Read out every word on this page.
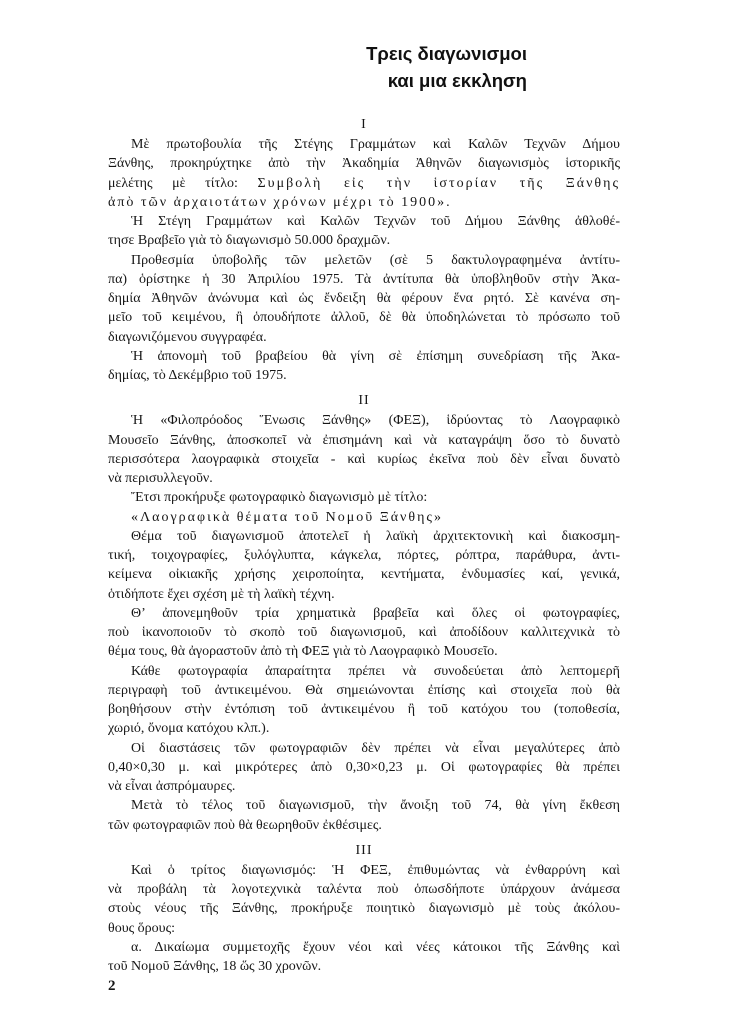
Τρεις διαγωνισμοι
και μια εκκληση
I
Μὲ πρωτοβουλία τῆς Στέγης Γραμμάτων καὶ Καλῶν Τεχνῶν Δήμου
Ξάνθης, προκηρύχτηκε ἀπὸ τὴν Ἀκαδημία Ἀθηνῶν διαγωνισμὸς ἱστορικῆς
μελέτης μὲ τίτλο: Συμβολὴ εἰς τὴν ἱστορίαν τῆς Ξάνθης
ἀπὸ τῶν ἀρχαιοτάτων χρόνων μέχρι τὸ 1900».
Ἡ Στέγη Γραμμάτων καὶ Καλῶν Τεχνῶν τοῦ Δήμου Ξάνθης ἀθλοθέ-
τησε Βραβεῖο γιὰ τὸ διαγωνισμὸ 50.000 δραχμῶν.
Προθεσμία ὑποβολῆς τῶν μελετῶν (σὲ 5 δακτυλογραφημένα ἀντίτυ-
πα) ὁρίστηκε ἡ 30 Ἀπριλίου 1975. Τὰ ἀντίτυπα θὰ ὑποβληθοῦν στὴν Ἀκα-
δημία Ἀθηνῶν ἀνώνυμα καὶ ὡς ἔνδειξη θὰ φέρουν ἕνα ρητό. Σὲ κανένα ση-
μεῖο τοῦ κειμένου, ἢ ὁπουδήποτε ἀλλοῦ, δὲ θὰ ὑποδηλώνεται τὸ πρόσωπο τοῦ
διαγωνιζόμενου συγγραφέα.
Ἡ ἀπονομὴ τοῦ βραβείου θὰ γίνη σὲ ἐπίσημη συνεδρίαση τῆς Ἀκα-
δημίας, τὸ Δεκέμβριο τοῦ 1975.
II
Ἡ «Φιλοπρόοδος Ἕνωσις Ξάνθης» (ΦΕΞ), ἱδρύοντας τὸ Λαογραφικὸ
Μουσεῖο Ξάνθης, ἀποσκοπεῖ νὰ ἐπισημάνη καὶ νὰ καταγράψη ὅσο τὸ δυνατὸ
περισσότερα λαογραφικὰ στοιχεῖα - καὶ κυρίως ἐκεῖνα ποὺ δὲν εἶναι δυνατὸ
νὰ περισυλλεγοῦν.
Ἔτσι προκήρυξε φωτογραφικὸ διαγωνισμὸ μὲ τίτλο:
«Λαογραφικὰ θέματα τοῦ Νομοῦ Ξάνθης»
Θέμα τοῦ διαγωνισμοῦ ἀποτελεῖ ἡ λαϊκὴ ἀρχιτεκτονικὴ καὶ διακοσμη-
τική, τοιχογραφίες, ξυλόγλυπτα, κάγκελα, πόρτες, ρόπτρα, παράθυρα, ἀντι-
κείμενα οἰκιακῆς χρήσης χειροποίητα, κεντήματα, ἐνδυμασίες καί, γενικά,
ὁτιδήποτε ἔχει σχέση μὲ τὴ λαϊκὴ τέχνη.
Θ’ ἀπονεμηθοῦν τρία χρηματικὰ βραβεῖα καὶ ὅλες οἱ φωτογραφίες,
ποὺ ἱκανοποιοῦν τὸ σκοπὸ τοῦ διαγωνισμοῦ, καὶ ἀποδίδουν καλλιτεχνικὰ τὸ
θέμα τους, θὰ ἀγοραστοῦν ἀπὸ τὴ ΦΕΞ γιὰ τὸ Λαογραφικὸ Μουσεῖο.
Κάθε φωτογραφία ἀπαραίτητα πρέπει νὰ συνοδεύεται ἀπὸ λεπτομερῆ
περιγραφὴ τοῦ ἀντικειμένου. Θὰ σημειώνονται ἐπίσης καὶ στοιχεῖα ποὺ θὰ
βοηθήσουν στὴν ἐντόπιση τοῦ ἀντικειμένου ἢ τοῦ κατόχου του (τοποθεσία,
χωριό, ὄνομα κατόχου κλπ.).
Οἱ διαστάσεις τῶν φωτογραφιῶν δὲν πρέπει νὰ εἶναι μεγαλύτερες ἀπὸ
0,40×0,30 μ. καὶ μικρότερες ἀπὸ 0,30×0,23 μ. Οἱ φωτογραφίες θὰ πρέπει
νὰ εἶναι ἀσπρόμαυρες.
Μετὰ τὸ τέλος τοῦ διαγωνισμοῦ, τὴν ἄνοιξη τοῦ 74, θὰ γίνη ἔκθεση
τῶν φωτογραφιῶν ποὺ θὰ θεωρηθοῦν ἐκθέσιμες.
III
Καὶ ὁ τρίτος διαγωνισμός: Ἡ ΦΕΞ, ἐπιθυμώντας νὰ ἐνθαρρύνη καὶ
νὰ προβάλη τὰ λογοτεχνικὰ ταλέντα ποὺ ὁπωσδήποτε ὑπάρχουν ἀνάμεσα
στοὺς νέους τῆς Ξάνθης, προκήρυξε ποιητικὸ διαγωνισμὸ μὲ τοὺς ἀκόλου-
θους ὅρους:
α. Δικαίωμα συμμετοχῆς ἔχουν νέοι καὶ νέες κάτοικοι τῆς Ξάνθης καὶ
τοῦ Νομοῦ Ξάνθης, 18 ὥς 30 χρονῶν.
2
